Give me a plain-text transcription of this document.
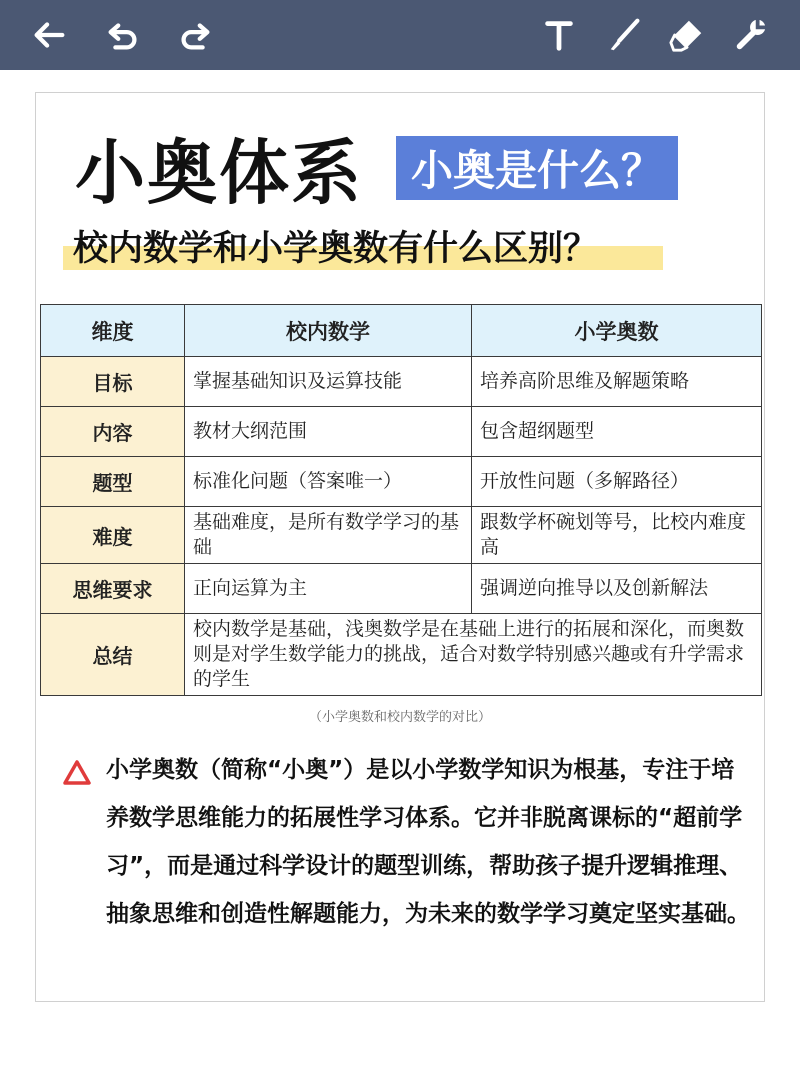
小奥体系	小奥是什么？
校内数学和小学奥数有什么区别？
维度	校内数学	小学奥数
目标	掌握基础知识及运算技能	培养高阶思维及解题策略
内容	教材大纲范围	包含超纲题型
题型	标准化问题（答案唯一）	开放性问题（多解路径）
难度	基础难度，是所有数学学习的基础	跟数学杯碗划等号，比校内难度高
思维要求	正向运算为主	强调逆向推导以及创新解法
总结	校内数学是基础，浅奥数学是在基础上进行的拓展和深化，而奥数则是对学生数学能力的挑战，适合对数学特别感兴趣或有升学需求的学生	
（小学奥数和校内数学的对比）
小学奥数（简称“小奥”）是以小学数学知识为根基，专注于培养数学思维能力的拓展性学习体系。它并非脱离课标的“超前学习”，而是通过科学设计的题型训练，帮助孩子提升逻辑推理、抽象思维和创造性解题能力，为未来的数学学习奠定坚实基础。
